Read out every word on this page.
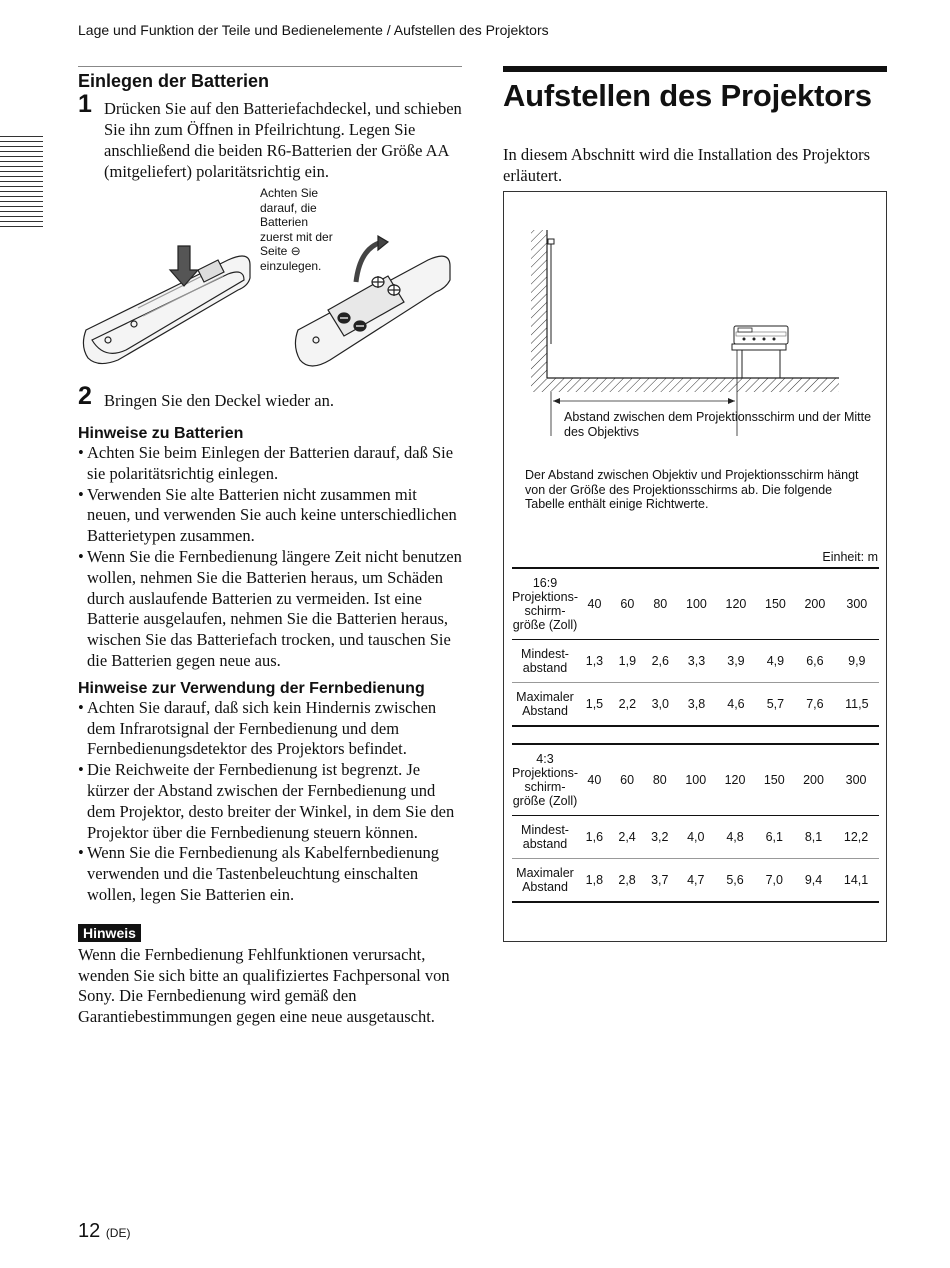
Lage und Funktion der Teile und Bedienelemente / Aufstellen des Projektors
Einlegen der Batterien
1 Drücken Sie auf den Batteriefachdeckel, und schieben Sie ihn zum Öffnen in Pfeilrichtung. Legen Sie anschließend die beiden R6-Batterien der Größe AA (mitgeliefert) polaritätsrichtig ein.
Achten Sie darauf, die Batterien zuerst mit der Seite ⊖ einzulegen.
2 Bringen Sie den Deckel wieder an.
Hinweise zu Batterien
• Achten Sie beim Einlegen der Batterien darauf, daß Sie sie polaritätsrichtig einlegen.
• Verwenden Sie alte Batterien nicht zusammen mit neuen, und verwenden Sie auch keine unterschiedlichen Batterietypen zusammen.
• Wenn Sie die Fernbedienung längere Zeit nicht benutzen wollen, nehmen Sie die Batterien heraus, um Schäden durch auslaufende Batterien zu vermeiden. Ist eine Batterie ausgelaufen, nehmen Sie die Batterien heraus, wischen Sie das Batteriefach trocken, und tauschen Sie die Batterien gegen neue aus.
Hinweise zur Verwendung der Fernbedienung
• Achten Sie darauf, daß sich kein Hindernis zwischen dem Infrarotsignal der Fernbedienung und dem Fernbedienungsdetektor des Projektors befindet.
• Die Reichweite der Fernbedienung ist begrenzt. Je kürzer der Abstand zwischen der Fernbedienung und dem Projektor, desto breiter der Winkel, in dem Sie den Projektor über die Fernbedienung steuern können.
• Wenn Sie die Fernbedienung als Kabelfernbedienung verwenden und die Tastenbeleuchtung einschalten wollen, legen Sie Batterien ein.
Hinweis
Wenn die Fernbedienung Fehlfunktionen verursacht, wenden Sie sich bitte an qualifiziertes Fachpersonal von Sony. Die Fernbedienung wird gemäß den Garantiebestimmungen gegen eine neue ausgetauscht.
Aufstellen des Projektors
In diesem Abschnitt wird die Installation des Projektors erläutert.
Abstand zwischen dem Projektionsschirm und der Mitte des Objektivs
Der Abstand zwischen Objektiv und Projektionsschirm hängt von der Größe des Projektionsschirms ab. Die folgende Tabelle enthält einige Richtwerte.
Einheit: m
16:9
Projektions-
schirm-
größe (Zoll)	40	60	80	100	120	150	200	300

Mindest-
abstand	1,3	1,9	2,6	3,3	3,9	4,9	6,6	9,9

Maximaler
Abstand	1,5	2,2	3,0	3,8	4,6	5,7	7,6	11,5
4:3
Projektions-
schirm-
größe (Zoll)	40	60	80	100	120	150	200	300

Mindest-
abstand	1,6	2,4	3,2	4,0	4,8	6,1	8,1	12,2

Maximaler
Abstand	1,8	2,8	3,7	4,7	5,6	7,0	9,4	14,1
12 (DE)
